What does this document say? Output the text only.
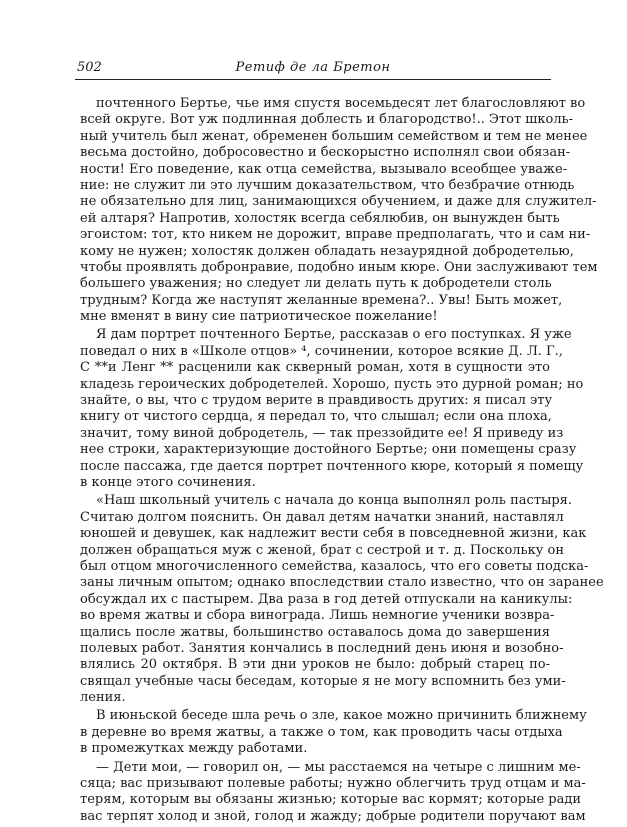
502	Ретиф де ла Бретон
почтенного Бертье, чье имя спустя восемьдесят лет благословляют во
всей округе. Вот уж подлинная доблесть и благородство!.. Этот школь-
ный учитель был женат, обременен большим семейством и тем не менее
весьма достойно, добросовестно и бескорыстно исполнял свои обязан-
ности! Его поведение, как отца семейства, вызывало всеобщее уваже-
ние: не служит ли это лучшим доказательством, что безбрачие отнюдь
не обязательно для лиц, занимающихся обучением, и даже для служител-
ей алтаря? Напротив, холостяк всегда себялюбив, он вынужден быть
эгоистом: тот, кто никем не дорожит, вправе предполагать, что и сам ни-
кому не нужен; холостяк должен обладать незаурядной добродетелью,
чтобы проявлять добронравие, подобно иным кюре. Они заслуживают тем
большего уважения; но следует ли делать путь к добродетели столь
трудным? Когда же наступят желанные времена?.. Увы! Быть может,
мне вменят в вину сие патриотическое пожелание!
Я дам портрет почтенного Бертье, рассказав о его поступках. Я уже
поведал о них в «Школе отцов» ⁴, сочинении, которое всякие Д. Л. Г.,
С **и Ленг ** расценили как скверный роман, хотя в сущности это
кладезь героических добродетелей. Хорошо, пусть это дурной роман; но
знайте, о вы, что с трудом верите в правдивость других: я писал эту
книгу от чистого сердца, я передал то, что слышал; если она плоха,
значит, тому виной добродетель, — так преззойдите ее! Я приведу из
нее строки, характеризующие достойного Бертье; они помещены сразу
после пассажа, где дается портрет почтенного кюре, который я помещу
в конце этого сочинения.
«Наш школьный учитель с начала до конца выполнял роль пастыря.
Считаю долгом пояснить. Он давал детям начатки знаний, наставлял
юношей и девушек, как надлежит вести себя в повседневной жизни, как
должен обращаться муж с женой, брат с сестрой и т. д. Поскольку он
был отцом многочисленного семейства, казалось, что его советы подска-
заны личным опытом; однако впоследствии стало известно, что он заранее
обсуждал их с пастырем. Два раза в год детей отпускали на каникулы:
во время жатвы и сбора винограда. Лишь немногие ученики возвра-
щались после жатвы, большинство оставалось дома до завершения
полевых работ. Занятия кончались в последний день июня и возобно-
влялись 20 октября. В эти дни уроков не было: добрый старец по-
свящал учебные часы беседам, которые я не могу вспомнить без уми-
ления.
В июньской беседе шла речь о зле, какое можно причинить ближнему
в деревне во время жатвы, а также о том, как проводить часы отдыха
в промежутках между работами.
— Дети мои, — говорил он, — мы расстаемся на четыре с лишним ме-
сяца; вас призывают полевые работы; нужно облегчить труд отцам и ма-
терям, которым вы обязаны жизнью; которые вас кормят; которые ради
вас терпят холод и зной, голод и жажду; добрые родители поручают вам
